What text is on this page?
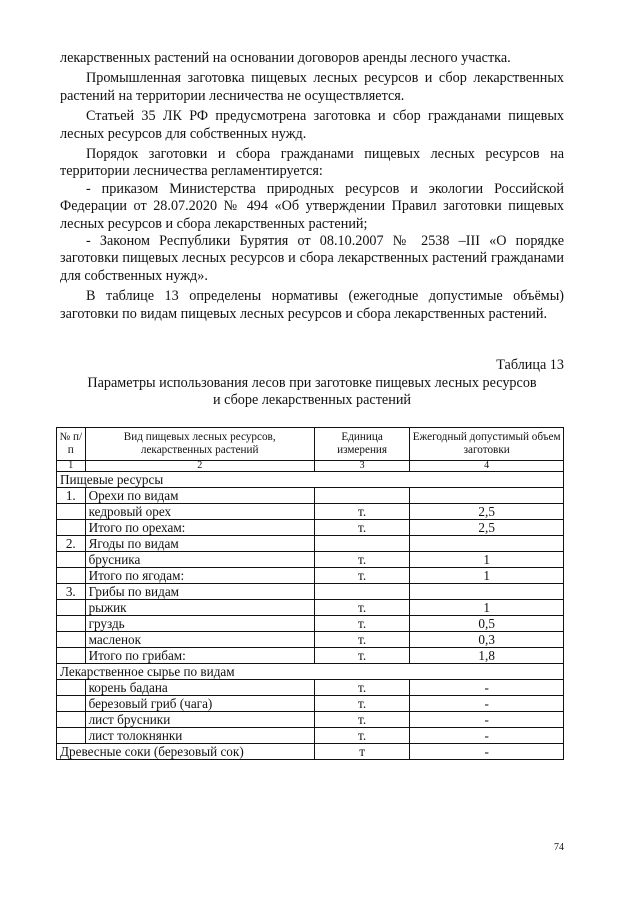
лекарственных растений на основании договоров аренды лесного участка.

Промышленная заготовка пищевых лесных ресурсов и сбор лекарственных растений на территории лесничества не осуществляется.

Статьей 35 ЛК РФ предусмотрена заготовка и сбор гражданами пищевых лесных ресурсов для собственных нужд.

Порядок заготовки и сбора гражданами пищевых лесных ресурсов на территории лесничества регламентируется:

- приказом Министерства природных ресурсов и экологии Российской Федерации от 28.07.2020 № 494 «Об утверждении Правил заготовки пищевых лесных ресурсов и сбора лекарственных растений;

- Законом Республики Бурятия от 08.10.2007 № 2538 –III «О порядке заготовки пищевых лесных ресурсов и сбора лекарственных растений гражданами для собственных нужд».

В таблице 13 определены нормативы (ежегодные допустимые объёмы) заготовки по видам пищевых лесных ресурсов и сбора лекарственных растений.

Таблица 13
Параметры использования лесов при заготовке пищевых лесных ресурсов
и сборе лекарственных растений
№ п/п	Вид пищевых лесных ресурсов, лекарственных растений	Единица измерения	Ежегодный допустимый объем заготовки
1	2	3	4
Пищевые ресурсы			
1.	Орехи по видам		
	кедровый орех	т.	2,5
	Итого по орехам:	т.	2,5
2.	Ягоды по видам		
	брусника	т.	1
	Итого по ягодам:	т.	1
3.	Грибы по видам		
	рыжик	т.	1
	груздь	т.	0,5
	масленок	т.	0,3
	Итого по грибам:	т.	1,8
Лекарственное сырье по видам			
	корень бадана	т.	-
	березовый гриб (чага)	т.	-
	лист брусники	т.	-
	лист толокнянки	т.	-
Древесные соки (березовый сок)		т	-
74
